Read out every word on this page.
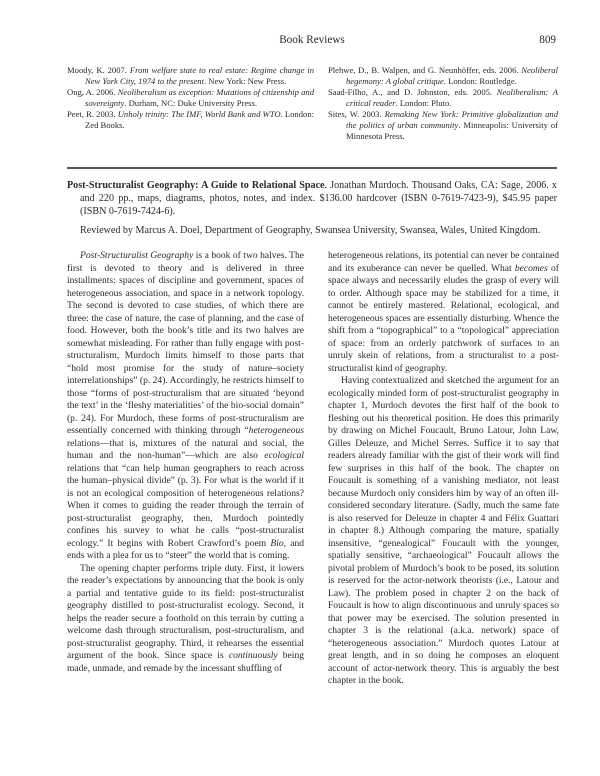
Book Reviews	809

Moody, K. 2007. From welfare state to real estate: Regime change in New York City, 1974 to the present. New York: New Press.

Ong, A. 2006. Neoliberalism as exception: Mutations of citizenship and sovereignty. Durham, NC: Duke University Press.

Peet, R. 2003. Unholy trinity: The IMF, World Bank and WTO. London: Zed Books.

Plehwe, D., B. Walpen, and G. Neunhöffer, eds. 2006. Neoliberal hegemony: A global critique. London: Routledge.

Saad-Filho, A., and D. Johnston, eds. 2005. Neoliberalism: A critical reader. London: Pluto.

Sites, W. 2003. Remaking New York: Primitive globalization and the politics of urban community. Minneapolis: University of Minnesota Press.

Post-Structuralist Geography: A Guide to Relational Space. Jonathan Murdoch. Thousand Oaks, CA: Sage, 2006. x and 220 pp., maps, diagrams, photos, notes, and index. $136.00 hardcover (ISBN 0-7619-7423-9), $45.95 paper (ISBN 0-7619-7424-6).
Reviewed by Marcus A. Doel, Department of Geography, Swansea University, Swansea, Wales, United Kingdom.

Post-Structuralist Geography is a book of two halves. The first is devoted to theory and is delivered in three installments: spaces of discipline and government, spaces of heterogeneous association, and space in a network topology. The second is devoted to case studies, of which there are three: the case of nature, the case of planning, and the case of food. However, both the book’s title and its two halves are somewhat misleading. For rather than fully engage with post-structuralism, Murdoch limits himself to those parts that “hold most promise for the study of nature–society interrelationships” (p. 24). Accordingly, he restricts himself to those “forms of post-structuralism that are situated ‘beyond the text’ in the ‘fleshy materialities’ of the bio-social domain” (p. 24). For Murdoch, these forms of post-structuralism are essentially concerned with thinking through “heterogeneous relations—that is, mixtures of the natural and social, the human and the non-human”—which are also ecological relations that “can help human geographers to reach across the human–physical divide” (p. 3). For what is the world if it is not an ecological composition of heterogeneous relations? When it comes to guiding the reader through the terrain of post-structuralist geography, then, Murdoch pointedly confines his survey to what he calls “post-structuralist ecology.” It begins with Robert Crawford’s poem Bio, and ends with a plea for us to “steer” the world that is coming.

The opening chapter performs triple duty. First, it lowers the reader’s expectations by announcing that the book is only a partial and tentative guide to its field: post-structuralist geography distilled to post-structuralist ecology. Second, it helps the reader secure a foothold on this terrain by cutting a welcome dash through structuralism, post-structuralism, and post-structuralist geography. Third, it rehearses the essential argument of the book. Since space is continuously being made, unmade, and remade by the incessant shuffling of

heterogeneous relations, its potential can never be contained and its exuberance can never be quelled. What becomes of space always and necessarily eludes the grasp of every will to order. Although space may be stabilized for a time, it cannot be entirely mastered. Relational, ecological, and heterogeneous spaces are essentially disturbing. Whence the shift from a “topographical” to a “topological” appreciation of space: from an orderly patchwork of surfaces to an unruly skein of relations, from a structuralist to a post-structuralist kind of geography.

Having contextualized and sketched the argument for an ecologically minded form of post-structuralist geography in chapter 1, Murdoch devotes the first half of the book to fleshing out his theoretical position. He does this primarily by drawing on Michel Foucault, Bruno Latour, John Law, Gilles Deleuze, and Michel Serres. Suffice it to say that readers already familiar with the gist of their work will find few surprises in this half of the book. The chapter on Foucault is something of a vanishing mediator, not least because Murdoch only considers him by way of an often ill-considered secondary literature. (Sadly, much the same fate is also reserved for Deleuze in chapter 4 and Félix Guattari in chapter 8.) Although comparing the mature, spatially insensitive, “genealogical” Foucault with the younger, spatially sensitive, “archaeological” Foucault allows the pivotal problem of Murdoch’s book to be posed, its solution is reserved for the actor-network theorists (i.e., Latour and Law). The problem posed in chapter 2 on the back of Foucault is how to align discontinuous and unruly spaces so that power may be exercised. The solution presented in chapter 3 is the relational (a.k.a. network) space of “heterogeneous association.” Murdoch quotes Latour at great length, and in so doing he composes an eloquent account of actor-network theory. This is arguably the best chapter in the book.
